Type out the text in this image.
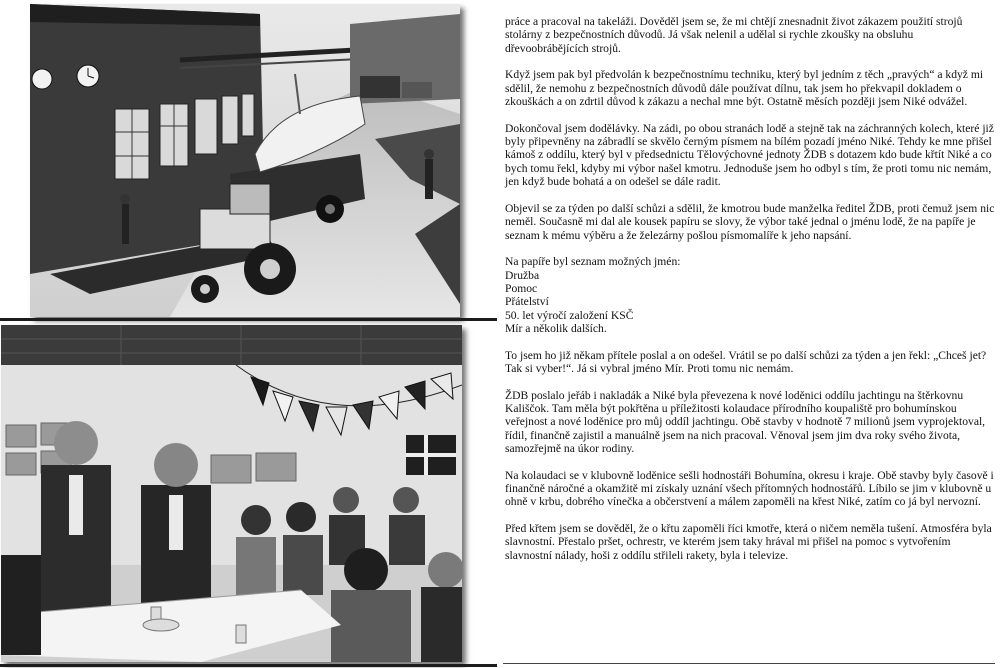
práce a pracoval na takeláži. Dověděl jsem se, že mi chtějí znesnadnit život zákazem použití strojů stolárny z bezpečnostních důvodů. Já však nelenil a udělal si rychle zkoušky na obsluhu dřevoobrábějících strojů.

Když jsem pak byl předvolán k bezpečnostnímu techniku, který byl jedním z těch „pravých“ a když mi sdělil, že nemohu z bezpečnostních důvodů dále používat dílnu, tak jsem ho překvapil dokladem o zkouškách a on zdrtil důvod k zákazu a nechal mne být. Ostatně měsích později jsem Niké odvážel.

Dokončoval jsem dodělávky. Na zádi, po obou stranách lodě a stejně tak na záchranných kolech, které již byly připevněny na zábradlí se skvělo černým písmem na bílém pozadí jméno Niké. Tehdy ke mne přišel kámoš z oddílu, který byl v předsednictu Tělovýchovné jednoty ŽDB s dotazem kdo bude křtít Niké a co bych tomu řekl, kdyby mi výbor našel kmotru. Jednoduše jsem ho odbyl s tím, že proti tomu nic nemám, jen když bude bohatá a on odešel se dále radit.

Objevil se za týden po další schůzi a sdělil, že kmotrou bude manželka ředitel ŽDB, proti čemuž jsem nic neměl. Současně mi dal ale kousek papíru se slovy, že výbor také jednal o jménu lodě, že na papíře je seznam k mému výběru a že železárny pošlou písmomalíře k jeho napsání.

Na papíře byl seznam možných jmén:
Družba
Pomoc
Přátelství
50. let výročí založení KSČ
Mír a několik dalších.

To jsem ho již někam přítele poslal a on odešel. Vrátil se po další schůzi za týden a jen řekl: „Chceš jet? Tak si vyber!“. Já si vybral jméno Mír. Proti tomu nic nemám.

ŽDB poslalo jeřáb i nakladák a Niké byla převezena k nové loděnici oddílu jachtingu na štěrkovnu Kališčok. Tam měla být pokřtěna u příležitosti kolaudace přírodního koupaliště pro bohumínskou veřejnost a nové loděnice pro můj oddíl jachtingu. Obě stavby v hodnotě 7 milionů jsem vyprojektoval, řídil, finančně zajistil a manuálně jsem na nich pracoval. Věnoval jsem jim dva roky svého života, samozřejmě na úkor rodiny.

Na kolaudaci se v klubovně loděnice sešli hodnostáři Bohumína, okresu i kraje. Obě stavby byly časově i finančně náročné a okamžitě mi získaly uznání všech přítomných hodnostářů. Líbilo se jim v klubovně u ohně v krbu, dobrého vínečka a občerstvení a málem zapoměli na křest Niké, zatím co já byl nervozní.

Před křtem jsem se dověděl, že o křtu zapoměli říci kmotře, která o ničem neměla tušení. Atmosféra byla slavnostní. Přestalo pršet, ochrestr, ve kterém jsem taky hrával mi přišel na pomoc s vytvořením slavnostní nálady, hoši z oddílu střileli rakety, byla i televize.
